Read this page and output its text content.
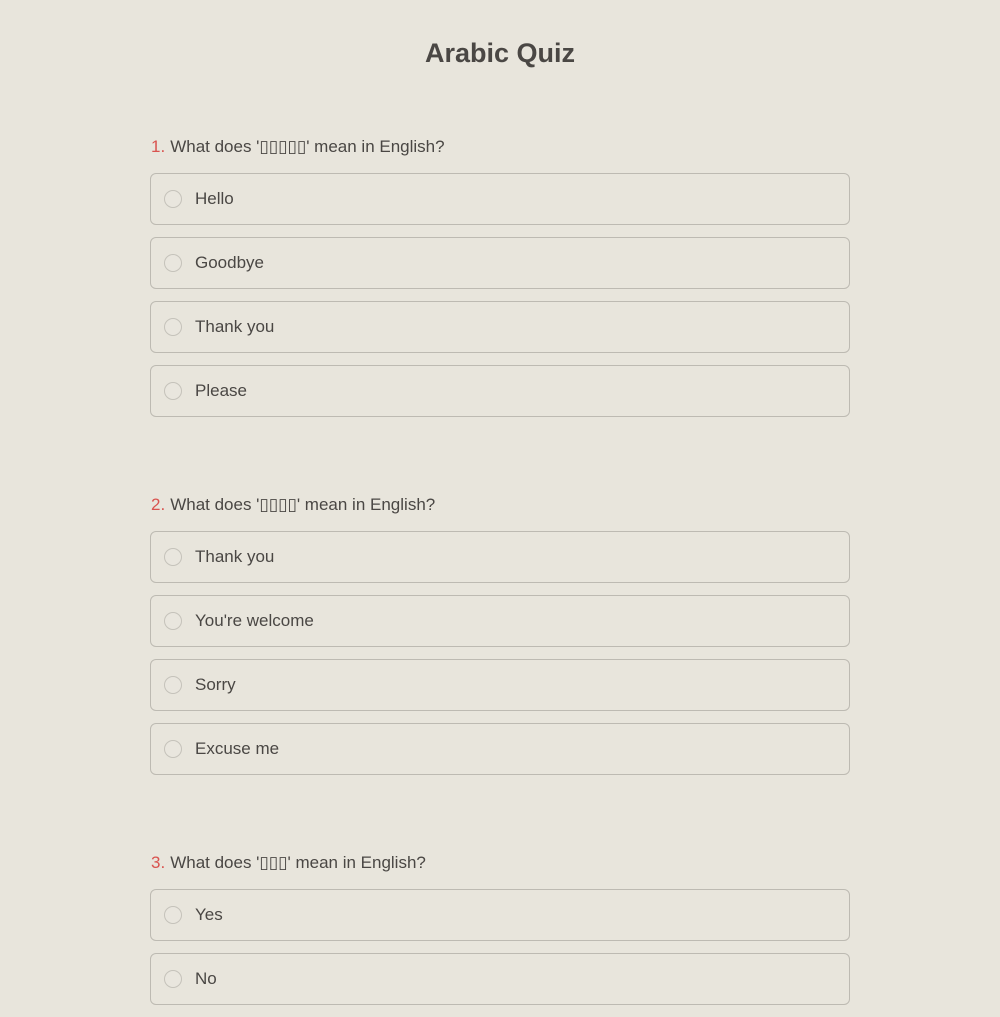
Arabic Quiz
1. What does '▯▯▯▯▯' mean in English?
Hello
Goodbye
Thank you
Please
2. What does '▯▯▯▯' mean in English?
Thank you
You're welcome
Sorry
Excuse me
3. What does '▯▯▯' mean in English?
Yes
No
